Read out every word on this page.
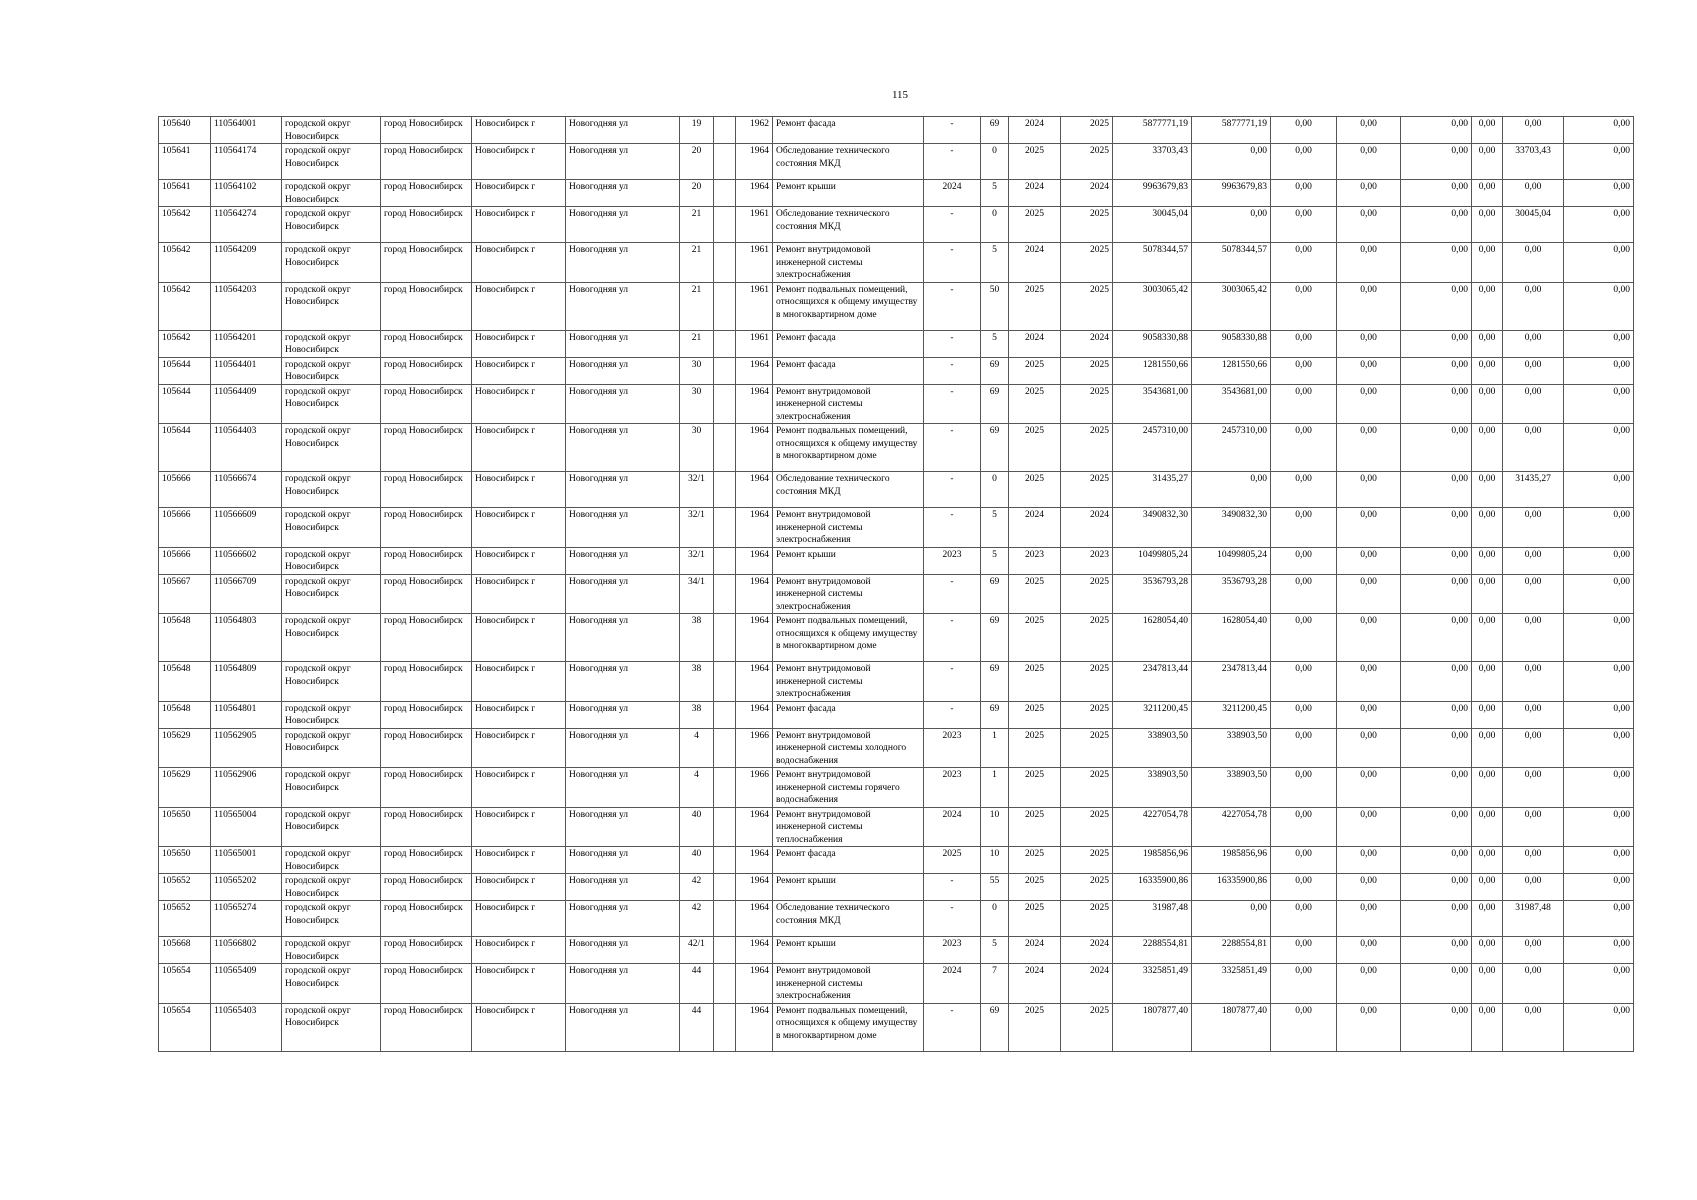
115
105640	110564001	городской округ Новосибирск	город Новосибирск	Новосибирск г	Новогодняя ул	19		1962	Ремонт фасада	-	69	2024	2025	5877771,19	5877771,19	0,00	0,00	0,00	0,00	0,00	0,00
105641	110564174	городской округ Новосибирск	город Новосибирск	Новосибирск г	Новогодняя ул	20		1964	Обследование технического состояния МКД	-	0	2025	2025	33703,43	0,00	0,00	0,00	0,00	0,00	33703,43	0,00
105641	110564102	городской округ Новосибирск	город Новосибирск	Новосибирск г	Новогодняя ул	20		1964	Ремонт крыши	2024	5	2024	2024	9963679,83	9963679,83	0,00	0,00	0,00	0,00	0,00	0,00
105642	110564274	городской округ Новосибирск	город Новосибирск	Новосибирск г	Новогодняя ул	21		1961	Обследование технического состояния МКД	-	0	2025	2025	30045,04	0,00	0,00	0,00	0,00	0,00	30045,04	0,00
105642	110564209	городской округ Новосибирск	город Новосибирск	Новосибирск г	Новогодняя ул	21		1961	Ремонт внутридомовой инженерной системы электроснабжения	-	5	2024	2025	5078344,57	5078344,57	0,00	0,00	0,00	0,00	0,00	0,00
105642	110564203	городской округ Новосибирск	город Новосибирск	Новосибирск г	Новогодняя ул	21		1961	Ремонт подвальных помещений, относящихся к общему имуществу в многоквартирном доме	-	50	2025	2025	3003065,42	3003065,42	0,00	0,00	0,00	0,00	0,00	0,00
105642	110564201	городской округ Новосибирск	город Новосибирск	Новосибирск г	Новогодняя ул	21		1961	Ремонт фасада	-	5	2024	2024	9058330,88	9058330,88	0,00	0,00	0,00	0,00	0,00	0,00
105644	110564401	городской округ Новосибирск	город Новосибирск	Новосибирск г	Новогодняя ул	30		1964	Ремонт фасада	-	69	2025	2025	1281550,66	1281550,66	0,00	0,00	0,00	0,00	0,00	0,00
105644	110564409	городской округ Новосибирск	город Новосибирск	Новосибирск г	Новогодняя ул	30		1964	Ремонт внутридомовой инженерной системы электроснабжения	-	69	2025	2025	3543681,00	3543681,00	0,00	0,00	0,00	0,00	0,00	0,00
105644	110564403	городской округ Новосибирск	город Новосибирск	Новосибирск г	Новогодняя ул	30		1964	Ремонт подвальных помещений, относящихся к общему имуществу в многоквартирном доме	-	69	2025	2025	2457310,00	2457310,00	0,00	0,00	0,00	0,00	0,00	0,00
105666	110566674	городской округ Новосибирск	город Новосибирск	Новосибирск г	Новогодняя ул	32/1		1964	Обследование технического состояния МКД	-	0	2025	2025	31435,27	0,00	0,00	0,00	0,00	0,00	31435,27	0,00
105666	110566609	городской округ Новосибирск	город Новосибирск	Новосибирск г	Новогодняя ул	32/1		1964	Ремонт внутридомовой инженерной системы электроснабжения	-	5	2024	2024	3490832,30	3490832,30	0,00	0,00	0,00	0,00	0,00	0,00
105666	110566602	городской округ Новосибирск	город Новосибирск	Новосибирск г	Новогодняя ул	32/1		1964	Ремонт крыши	2023	5	2023	2023	10499805,24	10499805,24	0,00	0,00	0,00	0,00	0,00	0,00
105667	110566709	городской округ Новосибирск	город Новосибирск	Новосибирск г	Новогодняя ул	34/1		1964	Ремонт внутридомовой инженерной системы электроснабжения	-	69	2025	2025	3536793,28	3536793,28	0,00	0,00	0,00	0,00	0,00	0,00
105648	110564803	городской округ Новосибирск	город Новосибирск	Новосибирск г	Новогодняя ул	38		1964	Ремонт подвальных помещений, относящихся к общему имуществу в многоквартирном доме	-	69	2025	2025	1628054,40	1628054,40	0,00	0,00	0,00	0,00	0,00	0,00
105648	110564809	городской округ Новосибирск	город Новосибирск	Новосибирск г	Новогодняя ул	38		1964	Ремонт внутридомовой инженерной системы электроснабжения	-	69	2025	2025	2347813,44	2347813,44	0,00	0,00	0,00	0,00	0,00	0,00
105648	110564801	городской округ Новосибирск	город Новосибирск	Новосибирск г	Новогодняя ул	38		1964	Ремонт фасада	-	69	2025	2025	3211200,45	3211200,45	0,00	0,00	0,00	0,00	0,00	0,00
105629	110562905	городской округ Новосибирск	город Новосибирск	Новосибирск г	Новогодняя ул	4		1966	Ремонт внутридомовой инженерной системы холодного водоснабжения	2023	1	2025	2025	338903,50	338903,50	0,00	0,00	0,00	0,00	0,00	0,00
105629	110562906	городской округ Новосибирск	город Новосибирск	Новосибирск г	Новогодняя ул	4		1966	Ремонт внутридомовой инженерной системы горячего водоснабжения	2023	1	2025	2025	338903,50	338903,50	0,00	0,00	0,00	0,00	0,00	0,00
105650	110565004	городской округ Новосибирск	город Новосибирск	Новосибирск г	Новогодняя ул	40		1964	Ремонт внутридомовой инженерной системы теплоснабжения	2024	10	2025	2025	4227054,78	4227054,78	0,00	0,00	0,00	0,00	0,00	0,00
105650	110565001	городской округ Новосибирск	город Новосибирск	Новосибирск г	Новогодняя ул	40		1964	Ремонт фасада	2025	10	2025	2025	1985856,96	1985856,96	0,00	0,00	0,00	0,00	0,00	0,00
105652	110565202	городской округ Новосибирск	город Новосибирск	Новосибирск г	Новогодняя ул	42		1964	Ремонт крыши	-	55	2025	2025	16335900,86	16335900,86	0,00	0,00	0,00	0,00	0,00	0,00
105652	110565274	городской округ Новосибирск	город Новосибирск	Новосибирск г	Новогодняя ул	42		1964	Обследование технического состояния МКД	-	0	2025	2025	31987,48	0,00	0,00	0,00	0,00	0,00	31987,48	0,00
105668	110566802	городской округ Новосибирск	город Новосибирск	Новосибирск г	Новогодняя ул	42/1		1964	Ремонт крыши	2023	5	2024	2024	2288554,81	2288554,81	0,00	0,00	0,00	0,00	0,00	0,00
105654	110565409	городской округ Новосибирск	город Новосибирск	Новосибирск г	Новогодняя ул	44		1964	Ремонт внутридомовой инженерной системы электроснабжения	2024	7	2024	2024	3325851,49	3325851,49	0,00	0,00	0,00	0,00	0,00	0,00
105654	110565403	городской округ Новосибирск	город Новосибирск	Новосибирск г	Новогодняя ул	44		1964	Ремонт подвальных помещений, относящихся к общему имуществу в многоквартирном доме	-	69	2025	2025	1807877,40	1807877,40	0,00	0,00	0,00	0,00	0,00	0,00
